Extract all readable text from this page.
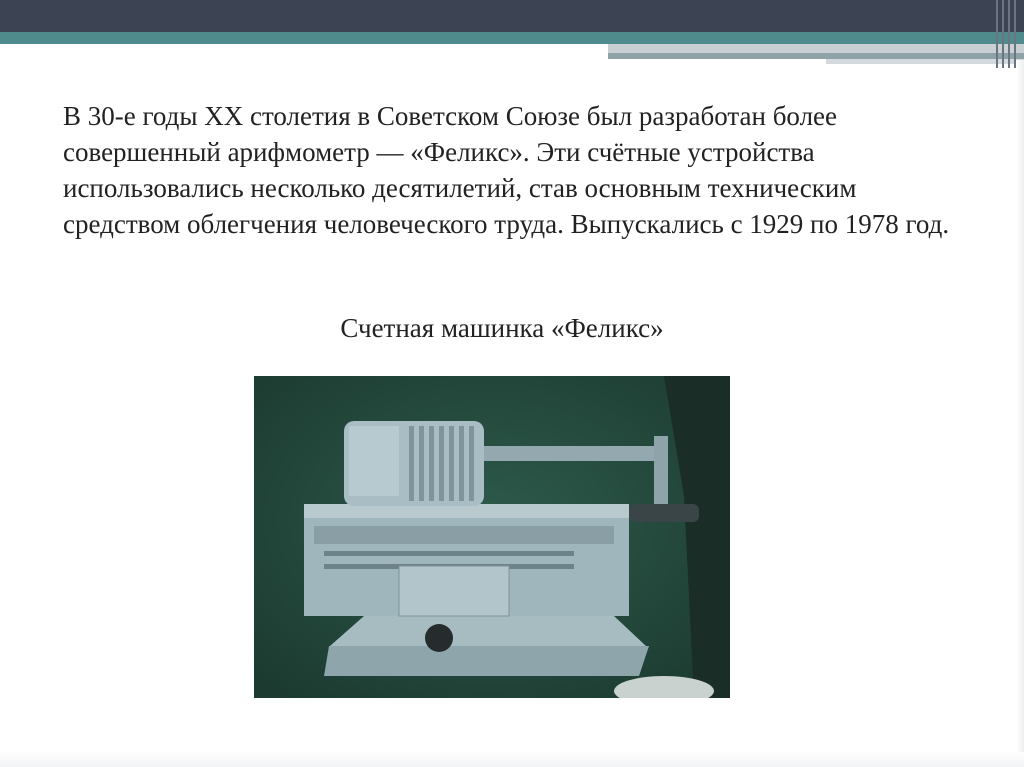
В 30-е годы XX столетия в Советском Союзе был разработан более совершенный арифмометр — «Феликс». Эти счётные устройства использовались несколько десятилетий, став основным техническим средством облегчения человеческого труда. Выпускались с 1929 по 1978 год.
Счетная машинка «Феликс»
